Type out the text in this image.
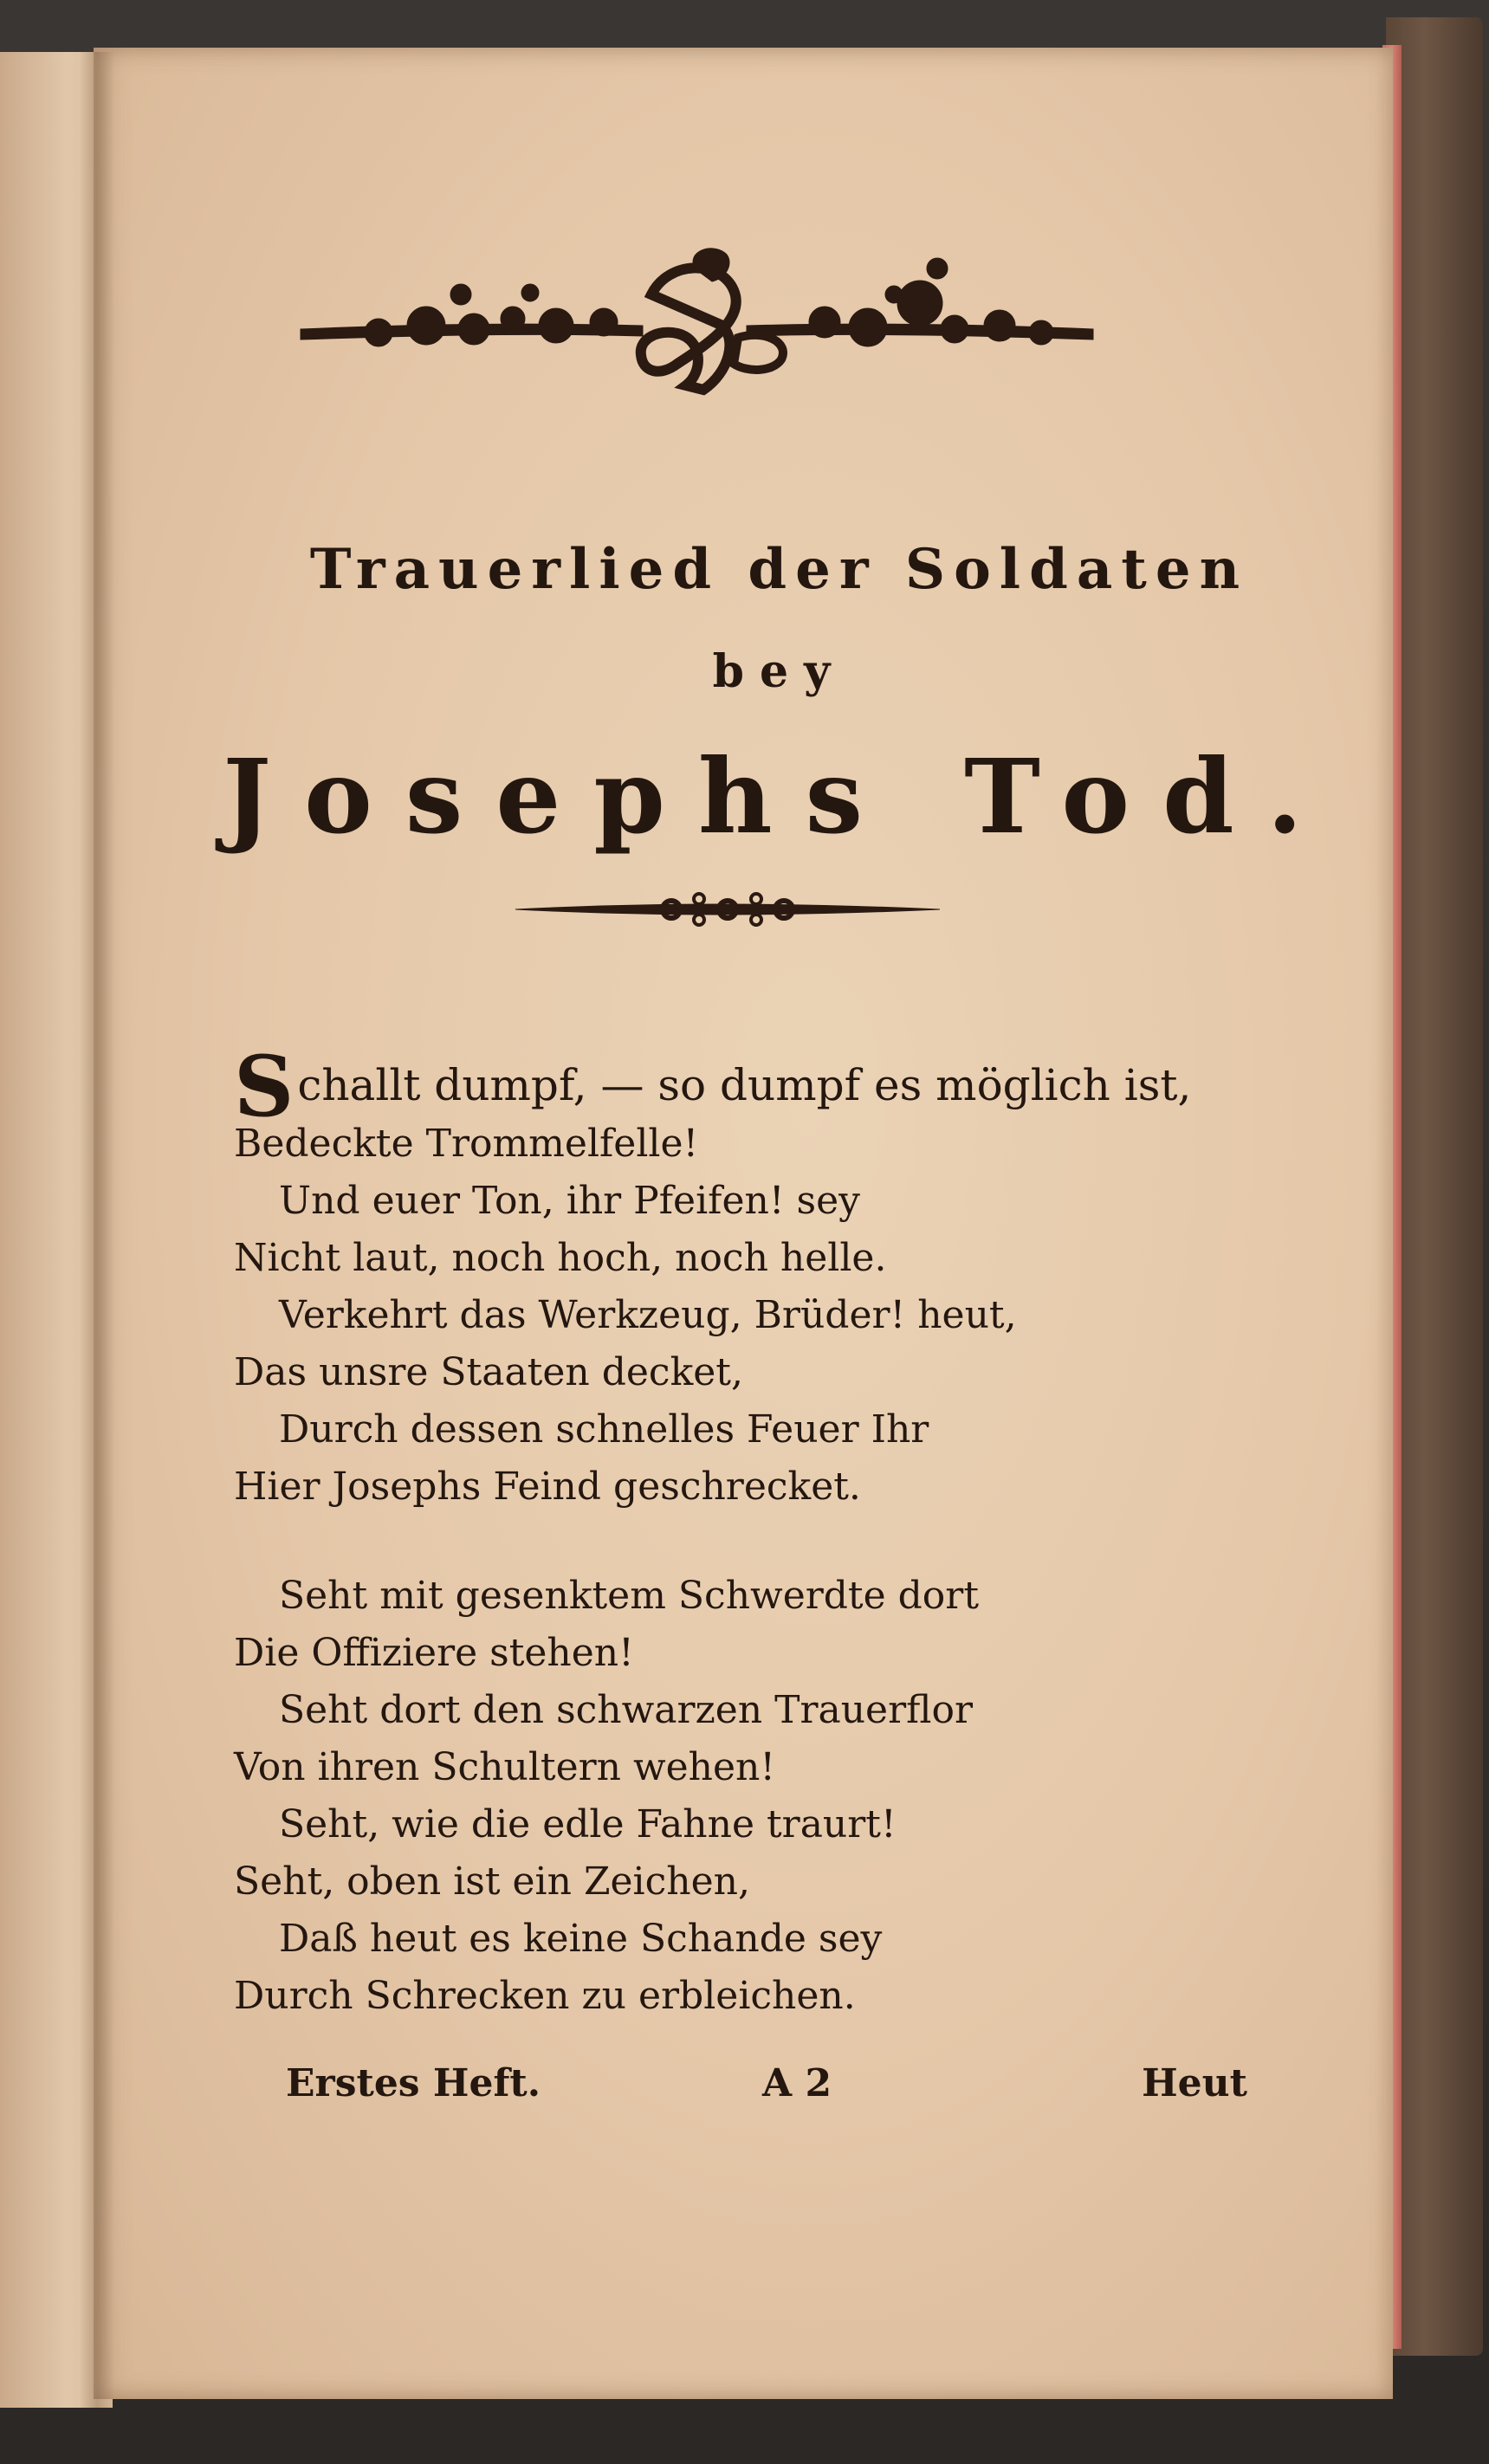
Trauerlied der Soldaten
bey
Josephs Tod.
Schallt dumpf, — so dumpf es möglich ist,
Bedeckte Trommelfelle!
Und euer Ton, ihr Pfeifen! sey
Nicht laut, noch hoch, noch helle.
Verkehrt das Werkzeug, Brüder! heut,
Das unsre Staaten decket,
Durch dessen schnelles Feuer Ihr
Hier Josephs Feind geschrecket.
Seht mit gesenktem Schwerdte dort
Die Offiziere stehen!
Seht dort den schwarzen Trauerflor
Von ihren Schultern wehen!
Seht, wie die edle Fahne traurt!
Seht, oben ist ein Zeichen,
Daß heut es keine Schande sey
Durch Schrecken zu erbleichen.
Erstes Heft.	A 2	Heut
